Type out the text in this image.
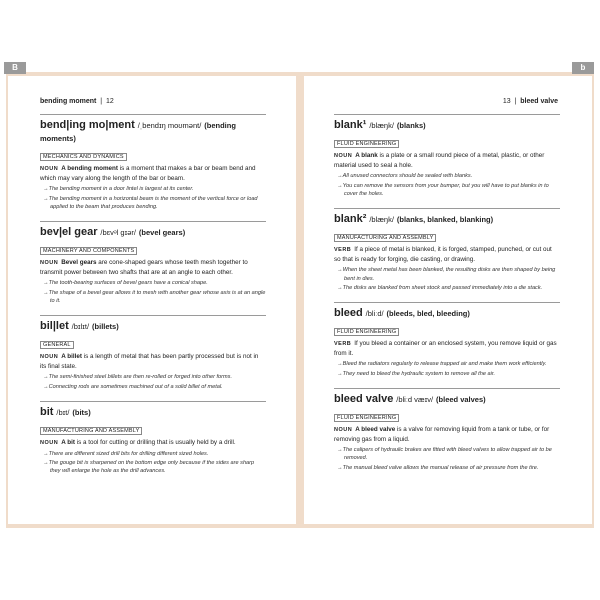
bending moment  |  12
bend|ing mo|ment /ˌbendɪŋ moʊmənt/ (bending moments)
MECHANICS AND DYNAMICS
NOUN A bending moment is a moment that makes a bar or beam bend and which may vary along the length of the bar or beam.
→The bending moment in a door lintel is largest at its center.
→The bending moment in a horizontal beam is the moment of the vertical force or load applied to the beam that produces bending.
bev|el gear /bɛvᵊl gɪər/ (bevel gears)
MACHINERY AND COMPONENTS
NOUN Bevel gears are cone-shaped gears whose teeth mesh together to transmit power between two shafts that are at an angle to each other.
→The tooth-bearing surfaces of bevel gears have a conical shape.
→The shape of a bevel gear allows it to mesh with another gear whose axis is at an angle to it.
bil|let /bɪlɪt/ (billets)
GENERAL
NOUN A billet is a length of metal that has been partly processed but is not in its final state.
→The semi-finished steel billets are then re-rolled or forged into other forms.
→Connecting rods are sometimes machined out of a solid billet of metal.
bit /bɪt/ (bits)
MANUFACTURING AND ASSEMBLY
NOUN A bit is a tool for cutting or drilling that is usually held by a drill.
→There are different sized drill bits for drilling different sized holes.
→The gouge bit is sharpened on the bottom edge only because if the sides are sharp they will enlarge the hole as the drill advances.
13  |  bleed valve
blank¹ /blæŋk/ (blanks)
FLUID ENGINEERING
NOUN A blank is a plate or a small round piece of a metal, plastic, or other material used to seal a hole.
→All unused connectors should be sealed with blanks.
→You can remove the sensors from your bumper, but you will have to put blanks in to cover the holes.
blank² /blæŋk/ (blanks, blanked, blanking)
MANUFACTURING AND ASSEMBLY
VERB If a piece of metal is blanked, it is forged, stamped, punched, or cut out so that is ready for forging, die casting, or drawing.
→When the sheet metal has been blanked, the resulting disks are then shaped by being bent in dies.
→The disks are blanked from sheet stock and passed immediately into a die stack.
bleed /bliːd/ (bleeds, bled, bleeding)
FLUID ENGINEERING
VERB If you bleed a container or an enclosed system, you remove liquid or gas from it.
→Bleed the radiators regularly to release trapped air and make them work efficiently.
→They need to bleed the hydraulic system to remove all the air.
bleed valve /bliːd væɪv/ (bleed valves)
FLUID ENGINEERING
NOUN A bleed valve is a valve for removing liquid from a tank or tube, or for removing gas from a liquid.
→The calipers of hydraulic brakes are fitted with bleed valves to allow trapped air to be removed.
→The manual bleed valve allows the manual release of air pressure from the tire.
B	b
